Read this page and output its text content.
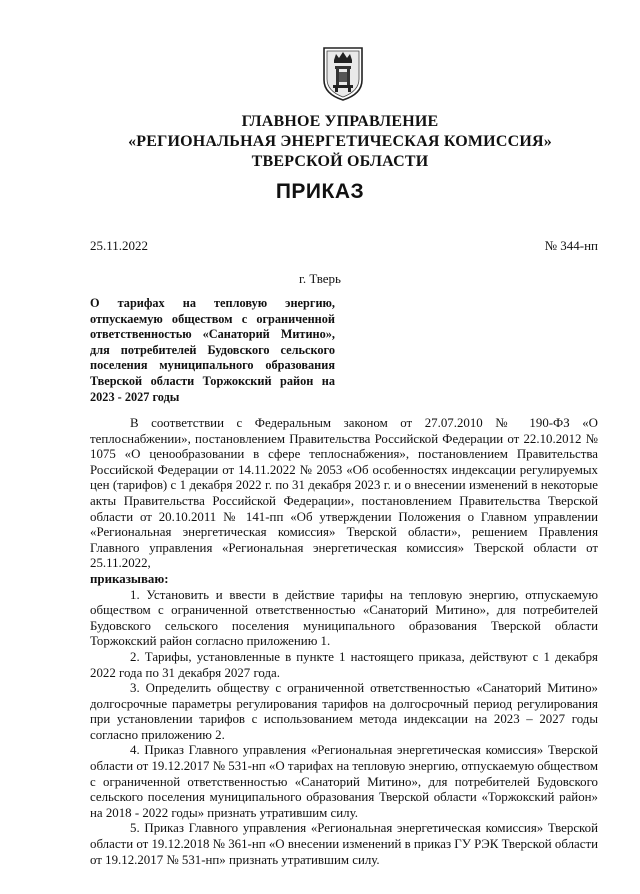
ГЛАВНОЕ УПРАВЛЕНИЕ
«РЕГИОНАЛЬНАЯ ЭНЕРГЕТИЧЕСКАЯ КОМИССИЯ»
ТВЕРСКОЙ ОБЛАСТИ
ПРИКАЗ
25.11.2022	№ 344-нп
г. Тверь
О тарифах на тепловую энергию, отпускаемую обществом с ограниченной ответственностью «Санаторий Митино», для потребителей Будовского сельского поселения муниципального образования Тверской области Торжокский район на 2023 - 2027 годы

В соответствии с Федеральным законом от 27.07.2010 № 190-ФЗ «О теплоснабжении», постановлением Правительства Российской Федерации от 22.10.2012 № 1075 «О ценообразовании в сфере теплоснабжения», постановлением Правительства Российской Федерации от 14.11.2022 № 2053 «Об особенностях индексации регулируемых цен (тарифов) с 1 декабря 2022 г. по 31 декабря 2023 г. и о внесении изменений в некоторые акты Правительства Российской Федерации», постановлением Правительства Тверской области от 20.10.2011 № 141-пп «Об утверждении Положения о Главном управлении «Региональная энергетическая комиссия» Тверской области», решением Правления Главного управления «Региональная энергетическая комиссия» Тверской области от 25.11.2022,

приказываю:

1. Установить и ввести в действие тарифы на тепловую энергию, отпускаемую обществом с ограниченной ответственностью «Санаторий Митино», для потребителей Будовского сельского поселения муниципального образования Тверской области Торжокский район согласно приложению 1.

2. Тарифы, установленные в пункте 1 настоящего приказа, действуют с 1 декабря 2022 года по 31 декабря 2027 года.

3. Определить обществу с ограниченной ответственностью «Санаторий Митино» долгосрочные параметры регулирования тарифов на долгосрочный период регулирования при установлении тарифов с использованием метода индексации на 2023 – 2027 годы согласно приложению 2.

4. Приказ Главного управления «Региональная энергетическая комиссия» Тверской области от 19.12.2017 № 531-нп «О тарифах на тепловую энергию, отпускаемую обществом с ограниченной ответственностью «Санаторий Митино», для потребителей Будовского сельского поселения муниципального образования Тверской области «Торжокский район» на 2018 - 2022 годы» признать утратившим силу.

5. Приказ Главного управления «Региональная энергетическая комиссия» Тверской области от 19.12.2018 № 361-нп «О внесении изменений в приказ ГУ РЭК Тверской области от 19.12.2017 № 531-нп» признать утратившим силу.
